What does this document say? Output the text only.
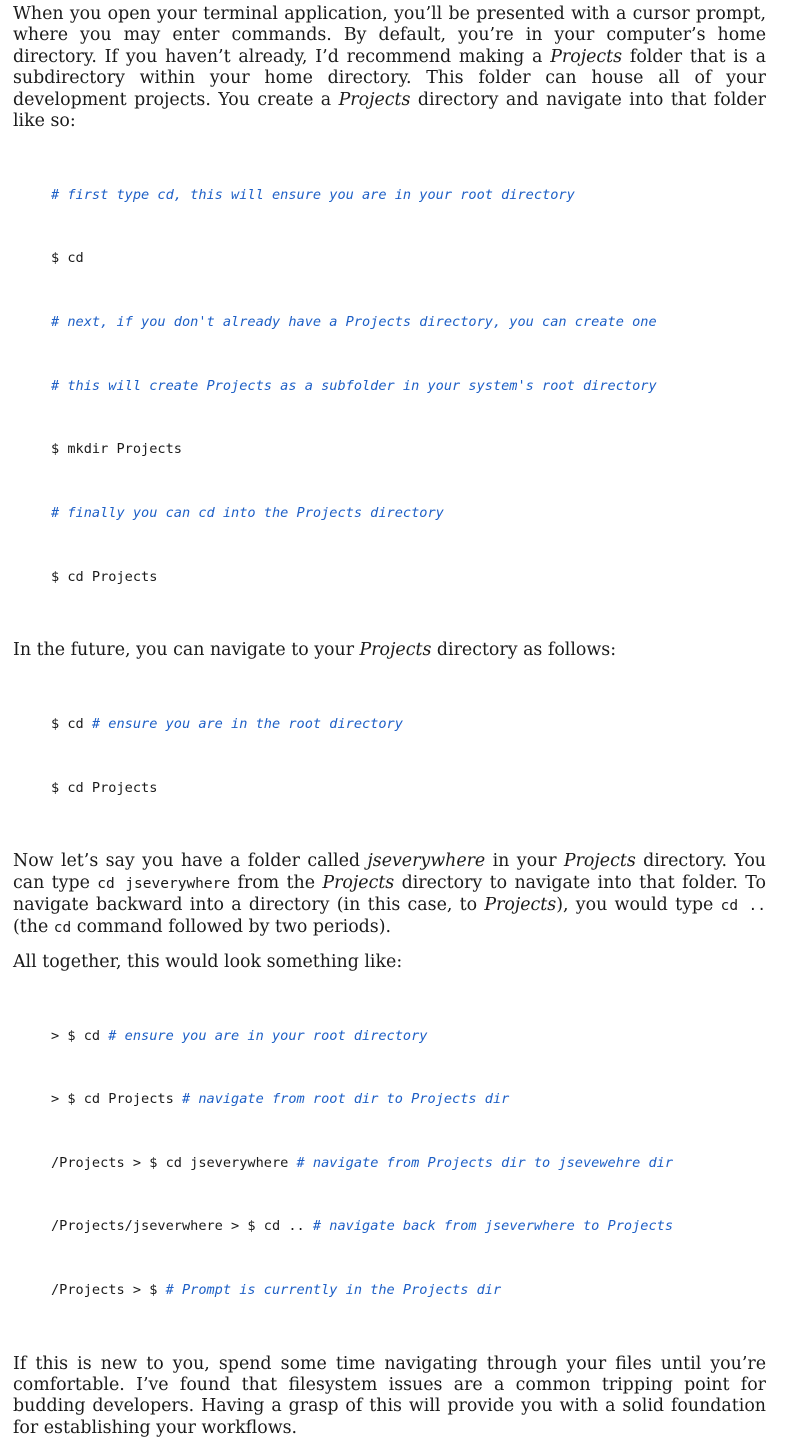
When you open your terminal application, you’ll be presented with a cursor prompt, where you may enter commands. By default, you’re in your computer’s home directory. If you haven’t already, I’d recommend making a Projects folder that is a subdirectory within your home directory. This folder can house all of your development projects. You create a Projects directory and navigate into that folder like so:

# first type cd, this will ensure you are in your root directory

$ cd

# next, if you don't already have a Projects directory, you can create one

# this will create Projects as a subfolder in your system's root directory

$ mkdir Projects

# finally you can cd into the Projects directory

$ cd Projects

In the future, you can navigate to your Projects directory as follows:

$ cd # ensure you are in the root directory

$ cd Projects

Now let’s say you have a folder called jseverywhere in your Projects directory. You can type cd jseverywhere from the Projects directory to navigate into that folder. To navigate backward into a directory (in this case, to Projects), you would type cd .. (the cd command followed by two periods).

All together, this would look something like:

> $ cd # ensure you are in your root directory

> $ cd Projects # navigate from root dir to Projects dir

/Projects > $ cd jseverywhere # navigate from Projects dir to jsevewehre dir

/Projects/jseverwhere > $ cd .. # navigate back from jseverwhere to Projects

/Projects > $ # Prompt is currently in the Projects dir

If this is new to you, spend some time navigating through your files until you’re comfortable. I’ve found that filesystem issues are a common tripping point for budding developers. Having a grasp of this will provide you with a solid foundation for establishing your workflows.
